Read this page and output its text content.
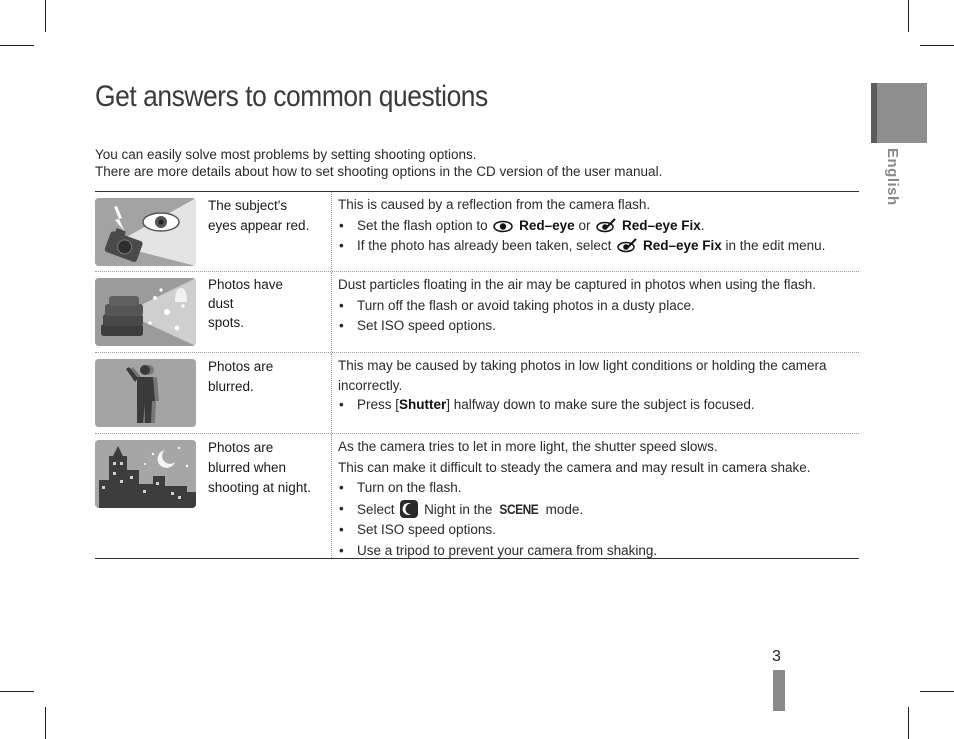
Get answers to common questions
You can easily solve most problems by setting shooting options.
There are more details about how to set shooting options in the CD version of the user manual.
The subject's
eyes appear red.
This is caused by a reflection from the camera flash.
• Set the flash option to Red–eye or Red–eye Fix.
• If the photo has already been taken, select Red–eye Fix in the edit menu.
Photos have
dust
spots.
Dust particles floating in the air may be captured in photos when using the flash.
• Turn off the flash or avoid taking photos in a dusty place.
• Set ISO speed options.
Photos are
blurred.
This may be caused by taking photos in low light conditions or holding the camera
incorrectly.
• Press [Shutter] halfway down to make sure the subject is focused.
Photos are
blurred when
shooting at night.
As the camera tries to let in more light, the shutter speed slows.
This can make it difficult to steady the camera and may result in camera shake.
• Turn on the flash.
• Select Night in the SCENE mode.
• Set ISO speed options.
• Use a tripod to prevent your camera from shaking.
English
3
